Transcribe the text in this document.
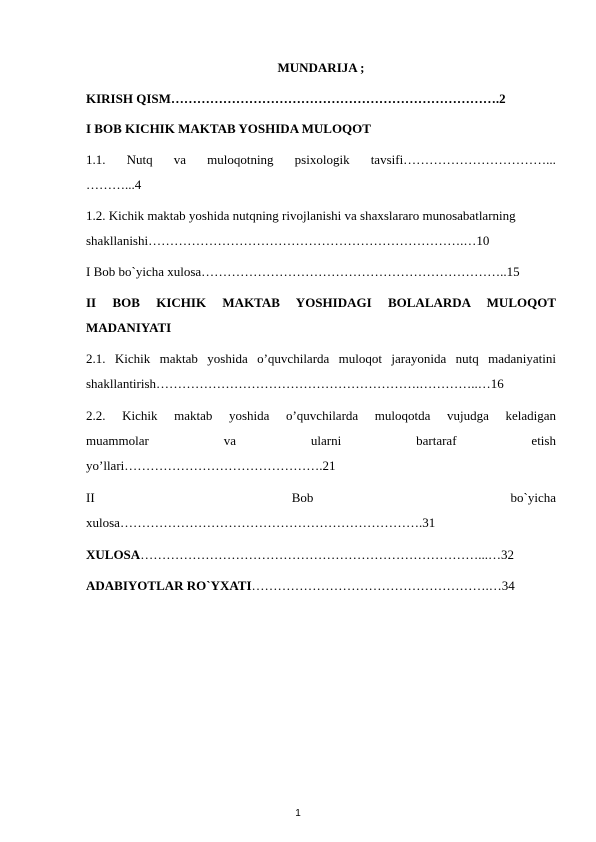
MUNDARIJA ;
KIRISH QISM………………………………………………………………….2
I BOB KICHIK MAKTAB YOSHIDA MULOQOT
1.1. Nutq va muloqotning psixologik tavsifi……………………………...
………...4
1.2. Kichik maktab yoshida nutqning rivojlanishi va shaxslararo munosabatlarning
shakllanishi……………………………………………………………….…10
I Bob bo`yicha xulosa……………………………………………………………..15
II BOB KICHIK MAKTAB YOSHIDAGI BOLALARDA MULOQOT
MADANIYATI
2.1. Kichik maktab yoshida o’quvchilarda muloqot jarayonida nutq madaniyatini
shakllantirish…………………………………………………….…………..…16
2.2. Kichik maktab yoshida o’quvchilarda muloqotda vujudga keladigan
muammolar	va	ularni	bartaraf	etish
yo’llari……………………………………….21
II	Bob	bo`yicha
xulosa…………………………………………………………….31
XULOSA……………………………………………………………………...…32
ADABIYOTLAR RO`YXATI……………………………………………….…34
1
